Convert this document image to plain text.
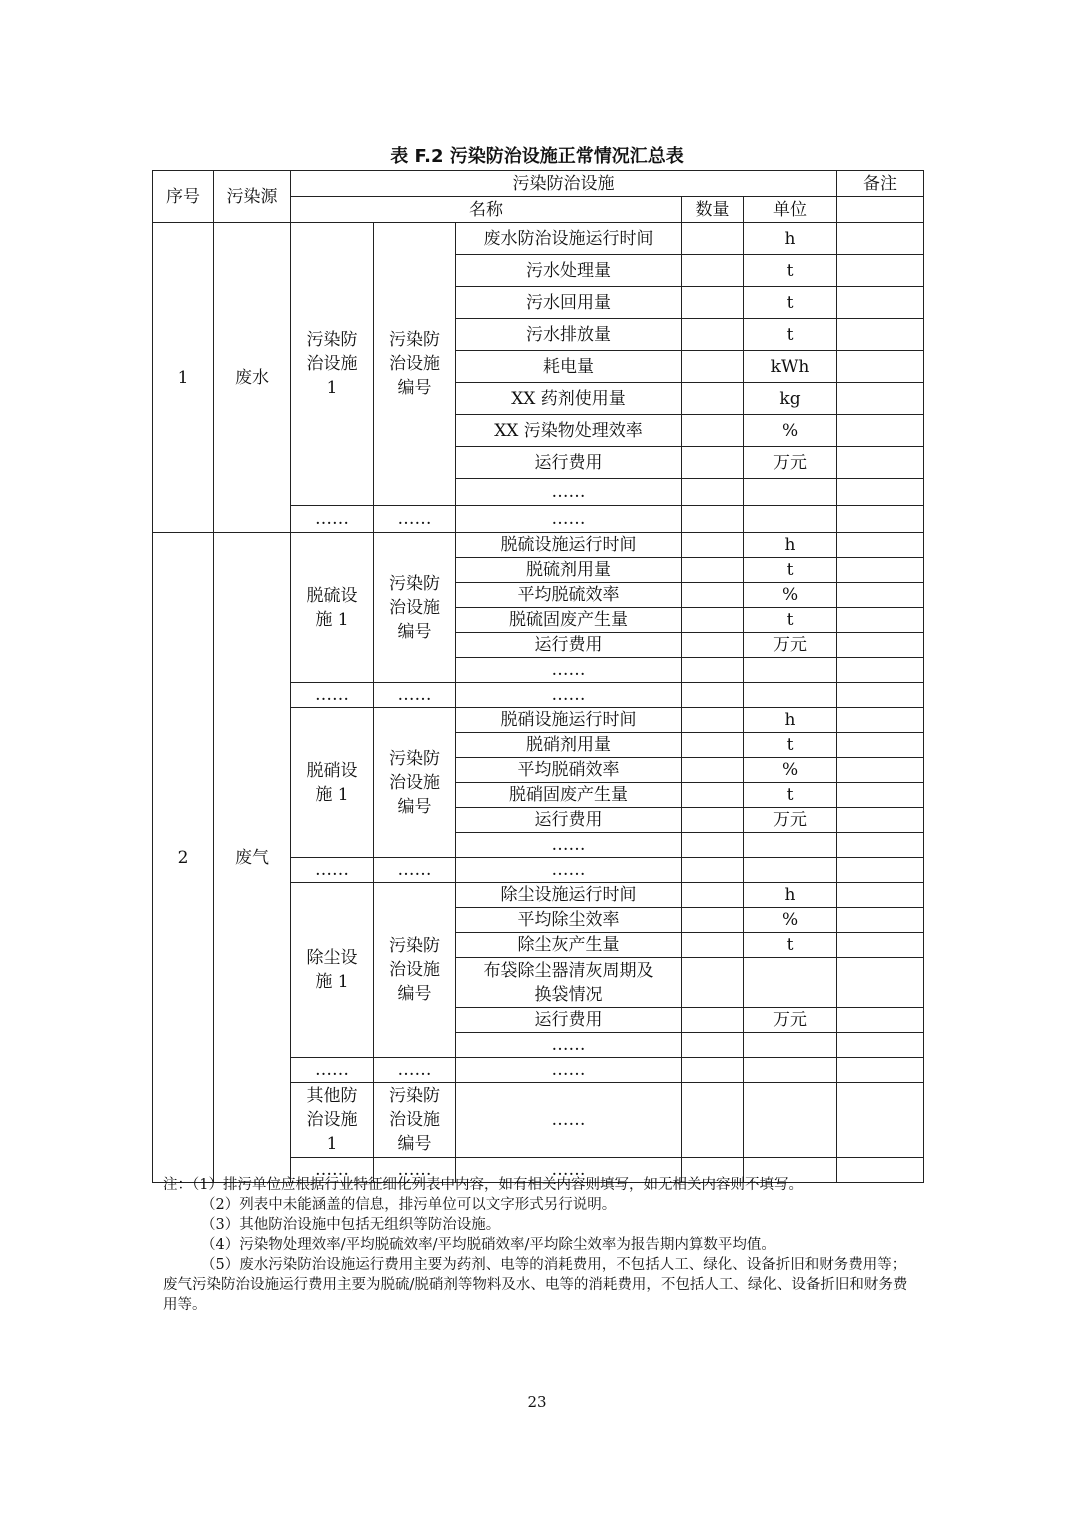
表 F.2 污染防治设施正常情况汇总表
序号	污染源	污染防治设施					备注
		名称			数量	单位	
1	废水	污染防治设施1	污染防治设施编号	废水防治设施运行时间		h	
				污水处理量		t	
				污水回用量		t	
				污水排放量		t	
				耗电量		kWh	
				XX 药剂使用量		kg	
				XX 污染物处理效率		%	
				运行费用		万元	
				……			
		……	……	……			
2	废气	脱硫设施 1	污染防治设施编号	脱硫设施运行时间		h	
				脱硫剂用量		t	
				平均脱硫效率		%	
				脱硫固废产生量		t	
				运行费用		万元	
				……			
		……	……	……			
		脱硝设施 1	污染防治设施编号	脱硝设施运行时间		h	
				脱硝剂用量		t	
				平均脱硝效率		%	
				脱硝固废产生量		t	
				运行费用		万元	
				……			
		……	……	……			
		除尘设施 1	污染防治设施编号	除尘设施运行时间		h	
				平均除尘效率		%	
				除尘灰产生量		t	
				布袋除尘器清灰周期及换袋情况			
				运行费用		万元	
				……			
		……	……	……			
		其他防治设施1	污染防治设施编号	……			
		……	……	……			
注：（1）排污单位应根据行业特征细化列表中内容，如有相关内容则填写，如无相关内容则不填写。
（2）列表中未能涵盖的信息，排污单位可以文字形式另行说明。
（3）其他防治设施中包括无组织等防治设施。
（4）污染物处理效率/平均脱硫效率/平均脱硝效率/平均除尘效率为报告期内算数平均值。
（5）废水污染防治设施运行费用主要为药剂、电等的消耗费用，不包括人工、绿化、设备折旧和财务费用等；废气污染防治设施运行费用主要为脱硫/脱硝剂等物料及水、电等的消耗费用，不包括人工、绿化、设备折旧和财务费用等。
23
